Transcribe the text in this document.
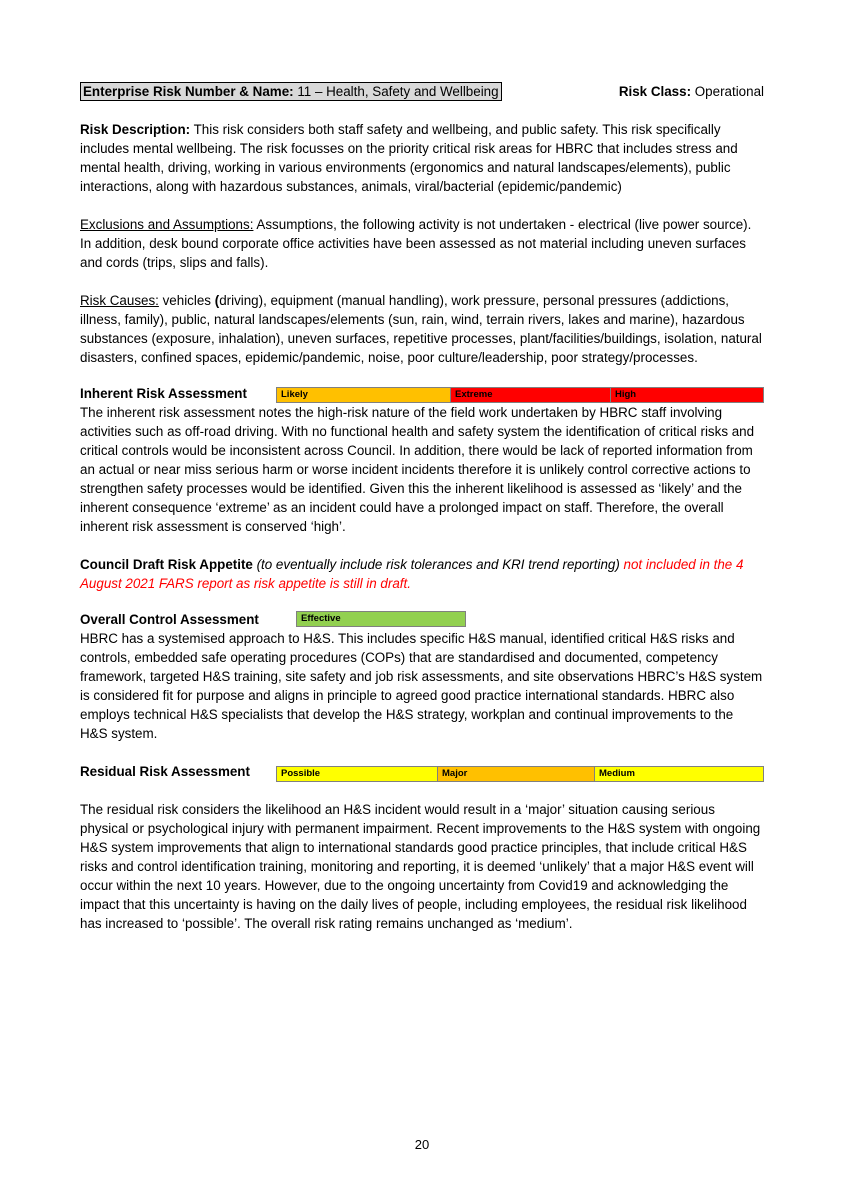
Enterprise Risk Number & Name: 11 – Health, Safety and Wellbeing	Risk Class: Operational

Risk Description: This risk considers both staff safety and wellbeing, and public safety. This risk specifically includes mental wellbeing. The risk focusses on the priority critical risk areas for HBRC that includes stress and mental health, driving, working in various environments (ergonomics and natural landscapes/elements), public interactions, along with hazardous substances, animals, viral/bacterial (epidemic/pandemic)

Exclusions and Assumptions: Assumptions, the following activity is not undertaken - electrical (live power source). In addition, desk bound corporate office activities have been assessed as not material including uneven surfaces and cords (trips, slips and falls).

Risk Causes: vehicles (driving), equipment (manual handling), work pressure, personal pressures (addictions, illness, family), public, natural landscapes/elements (sun, rain, wind, terrain rivers, lakes and marine), hazardous substances (exposure, inhalation), uneven surfaces, repetitive processes, plant/facilities/buildings, isolation, natural disasters, confined spaces, epidemic/pandemic, noise, poor culture/leadership, poor strategy/processes.

Inherent Risk Assessment	Likely	Extreme	High

The inherent risk assessment notes the high-risk nature of the field work undertaken by HBRC staff involving activities such as off-road driving. With no functional health and safety system the identification of critical risks and critical controls would be inconsistent across Council. In addition, there would be lack of reported information from an actual or near miss serious harm or worse incident incidents therefore it is unlikely control corrective actions to strengthen safety processes would be identified. Given this the inherent likelihood is assessed as ‘likely’ and the inherent consequence ‘extreme’ as an incident could have a prolonged impact on staff. Therefore, the overall inherent risk assessment is conserved ‘high’.

Council Draft Risk Appetite (to eventually include risk tolerances and KRI trend reporting) not included in the 4 August 2021 FARS report as risk appetite is still in draft.

Overall Control Assessment	Effective

HBRC has a systemised approach to H&S. This includes specific H&S manual, identified critical H&S risks and controls, embedded safe operating procedures (COPs) that are standardised and documented, competency framework, targeted H&S training, site safety and job risk assessments, and site observations HBRC’s H&S system is considered fit for purpose and aligns in principle to agreed good practice international standards. HBRC also employs technical H&S specialists that develop the H&S strategy, workplan and continual improvements to the H&S system.

Residual Risk Assessment	Possible	Major	Medium

The residual risk considers the likelihood an H&S incident would result in a ‘major’ situation causing serious physical or psychological injury with permanent impairment. Recent improvements to the H&S system with ongoing H&S system improvements that align to international standards good practice principles, that include critical H&S risks and control identification training, monitoring and reporting, it is deemed ‘unlikely’ that a major H&S event will occur within the next 10 years. However, due to the ongoing uncertainty from Covid19 and acknowledging the impact that this uncertainty is having on the daily lives of people, including employees, the residual risk likelihood has increased to ‘possible’. The overall risk rating remains unchanged as ‘medium’.

20
